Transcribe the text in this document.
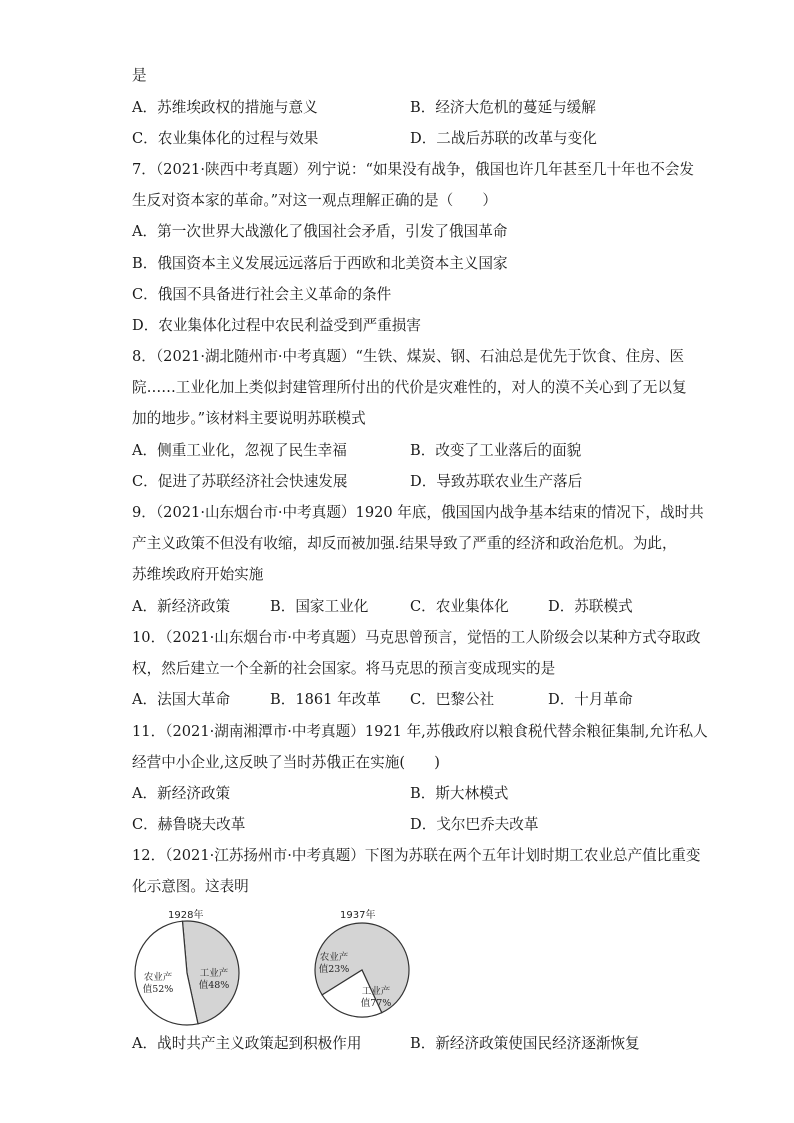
是
A．苏维埃政权的措施与意义	B．经济大危机的蔓延与缓解
C．农业集体化的过程与效果	D．二战后苏联的改革与变化
7．（2021·陕西中考真题）列宁说：“如果没有战争，俄国也许几年甚至几十年也不会发
生反对资本家的革命。”对这一观点理解正确的是（　　）
A．第一次世界大战激化了俄国社会矛盾，引发了俄国革命
B．俄国资本主义发展远远落后于西欧和北美资本主义国家
C．俄国不具备进行社会主义革命的条件
D．农业集体化过程中农民利益受到严重损害
8．（2021·湖北随州市·中考真题）“生铁、煤炭、钢、石油总是优先于饮食、住房、医
院……工业化加上类似封建管理所付出的代价是灾难性的，对人的漠不关心到了无以复
加的地步。”该材料主要说明苏联模式
A．侧重工业化，忽视了民生幸福	B．改变了工业落后的面貌
C．促进了苏联经济社会快速发展	D．导致苏联农业生产落后
9．（2021·山东烟台市·中考真题）1920 年底，俄国国内战争基本结束的情况下，战时共
产主义政策不但没有收缩，却反而被加强.结果导致了严重的经济和政治危机。为此，
苏维埃政府开始实施
A．新经济政策	B．国家工业化	C．农业集体化	D．苏联模式
10．（2021·山东烟台市·中考真题）马克思曾预言，觉悟的工人阶级会以某种方式夺取政
权，然后建立一个全新的社会国家。将马克思的预言变成现实的是
A．法国大革命	B．1861 年改革 C．巴黎公社	D．十月革命
11．（2021·湖南湘潭市·中考真题）1921 年,苏俄政府以粮食税代替余粮征集制,允许私人
经营中小企业,这反映了当时苏俄正在实施(　　)
A．新经济政策	B．斯大林模式
C．赫鲁晓夫改革	D．戈尔巴乔夫改革
12．（2021·江苏扬州市·中考真题）下图为苏联在两个五年计划时期工农业总产值比重变
化示意图。这表明
1928年
农业产
值52%
工业产
值48%
1937年
农业产
值23%
工业产
值77%
A．战时共产主义政策起到积极作用	B．新经济政策使国民经济逐渐恢复
